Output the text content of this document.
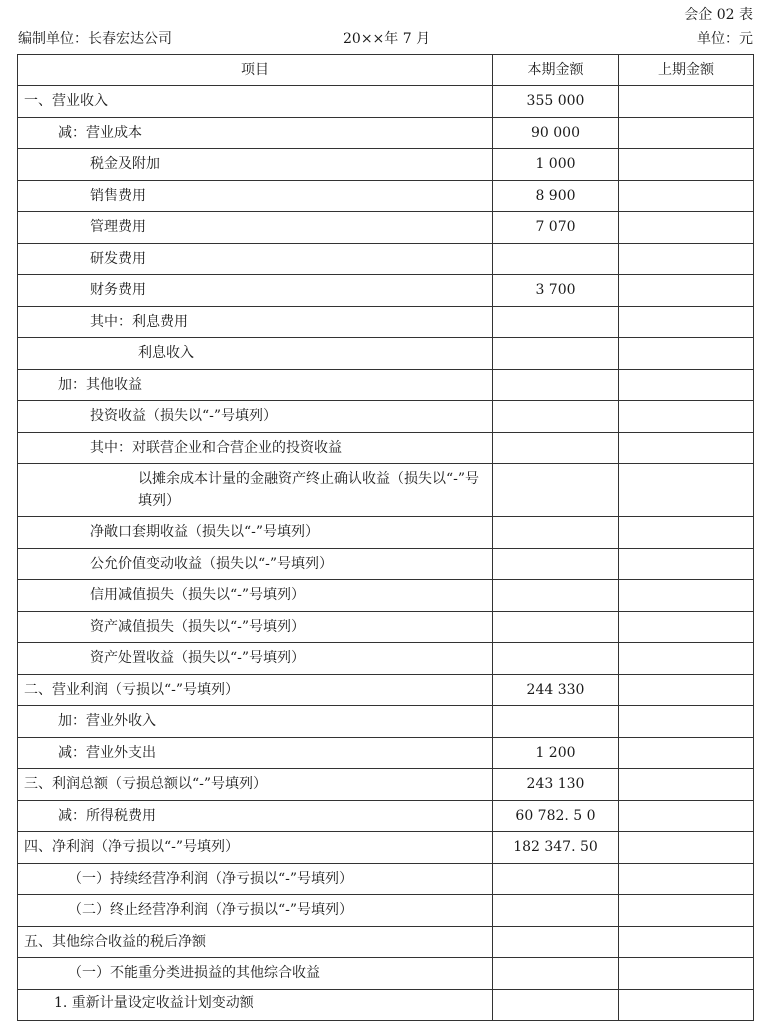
会企 02 表
编制单位：长春宏达公司	20××年 7 月	单位：元
项目	本期金额	上期金额
一、营业收入	355 000	
减：营业成本	90 000	
税金及附加	1 000	
销售费用	8 900	
管理费用	7 070	
研发费用		
财务费用	3 700	
其中：利息费用		
利息收入		
加：其他收益		
投资收益（损失以“-”号填列）		
其中：对联营企业和合营企业的投资收益		
以摊余成本计量的金融资产终止确认收益（损失以“-”号填列）		
净敞口套期收益（损失以“-”号填列）		
公允价值变动收益（损失以“-”号填列）		
信用减值损失（损失以“-”号填列）		
资产减值损失（损失以“-”号填列）		
资产处置收益（损失以“-”号填列）		
二、营业利润（亏损以“-”号填列）	244 330	
加：营业外收入		
减：营业外支出	1 200	
三、利润总额（亏损总额以“-”号填列）	243 130	
减：所得税费用	60 782. 5 0	
四、净利润（净亏损以“-”号填列）	182 347. 50	
（一）持续经营净利润（净亏损以“-”号填列）		
（二）终止经营净利润（净亏损以“-”号填列）		
五、其他综合收益的税后净额		
（一）不能重分类进损益的其他综合收益		
1. 重新计量设定收益计划变动额		
